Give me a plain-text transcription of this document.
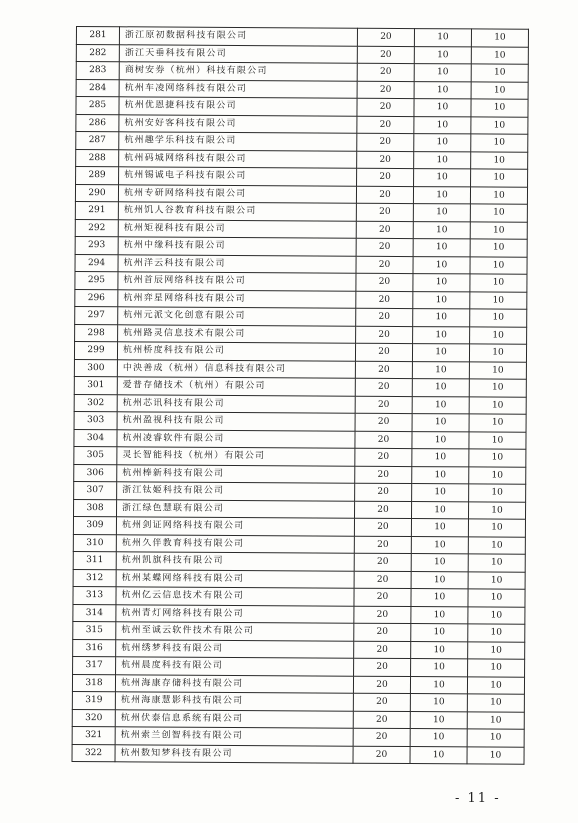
281	浙江原初数据科技有限公司	20	10	10
282	浙江天垂科技有限公司	20	10	10
283	商树安券（杭州）科技有限公司	20	10	10
284	杭州车凌网络科技有限公司	20	10	10
285	杭州优恩捷科技有限公司	20	10	10
286	杭州安好客科技有限公司	20	10	10
287	杭州趣学乐科技有限公司	20	10	10
288	杭州码城网络科技有限公司	20	10	10
289	杭州锡诚电子科技有限公司	20	10	10
290	杭州专研网络科技有限公司	20	10	10
291	杭州饥人谷教育科技有限公司	20	10	10
292	杭州矩视科技有限公司	20	10	10
293	杭州中缘科技有限公司	20	10	10
294	杭州洋云科技有限公司	20	10	10
295	杭州首辰网络科技有限公司	20	10	10
296	杭州弈星网络科技有限公司	20	10	10
297	杭州元派文化创意有限公司	20	10	10
298	杭州路灵信息技术有限公司	20	10	10
299	杭州桥度科技有限公司	20	10	10
300	中泱善成（杭州）信息科技有限公司	20	10	10
301	爱普存储技术（杭州）有限公司	20	10	10
302	杭州芯讯科技有限公司	20	10	10
303	杭州盈视科技有限公司	20	10	10
304	杭州凌睿软件有限公司	20	10	10
305	灵长智能科技（杭州）有限公司	20	10	10
306	杭州棒新科技有限公司	20	10	10
307	浙江钛姬科技有限公司	20	10	10
308	浙江绿色慧联有限公司	20	10	10
309	杭州剑证网络科技有限公司	20	10	10
310	杭州久伴教育科技有限公司	20	10	10
311	杭州凯旗科技有限公司	20	10	10
312	杭州某蝶网络科技有限公司	20	10	10
313	杭州亿云信息技术有限公司	20	10	10
314	杭州青灯网络科技有限公司	20	10	10
315	杭州至诚云软件技术有限公司	20	10	10
316	杭州绣梦科技有限公司	20	10	10
317	杭州晨度科技有限公司	20	10	10
318	杭州海康存储科技有限公司	20	10	10
319	杭州海康慧影科技有限公司	20	10	10
320	杭州伏泰信息系统有限公司	20	10	10
321	杭州索兰创智科技有限公司	20	10	10
322	杭州数知梦科技有限公司	20	10	10
- 11 -
